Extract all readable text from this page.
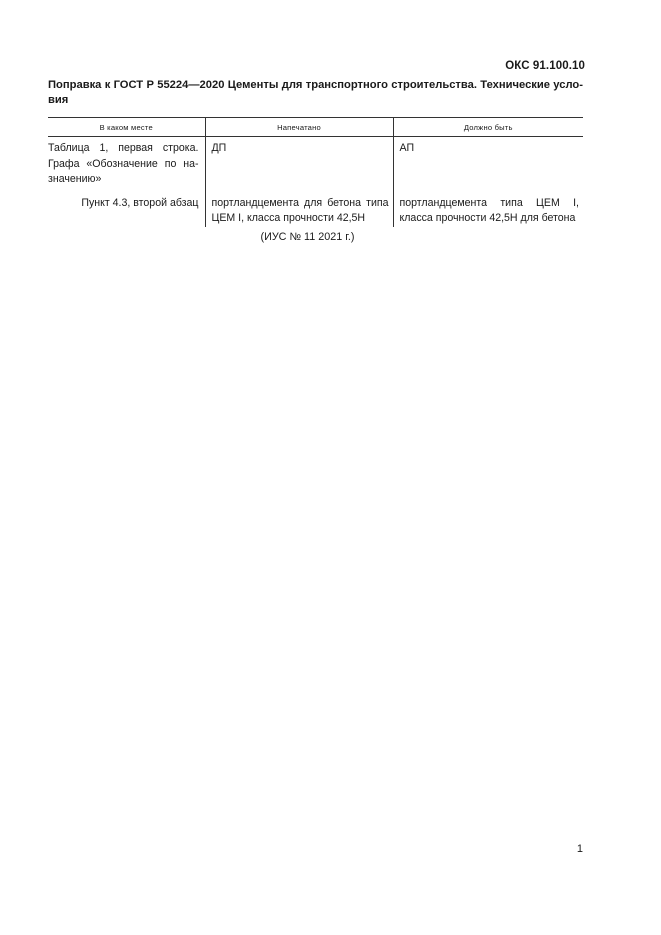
ОКС 91.100.10
Поправка к ГОСТ Р 55224—2020 Цементы для транспортного строительства. Технические условия
В каком месте	Напечатано	Должно быть
Таблица 1, первая строка. Графа «Обозначение по назначению»	ДП	АП
Пункт 4.3, второй абзац	портландцемента для бетона типа ЦЕМ I, класса прочности 42,5Н	портландцемента типа ЦЕМ I, класса прочности 42,5Н для бетона
(ИУС № 11 2021 г.)
1
